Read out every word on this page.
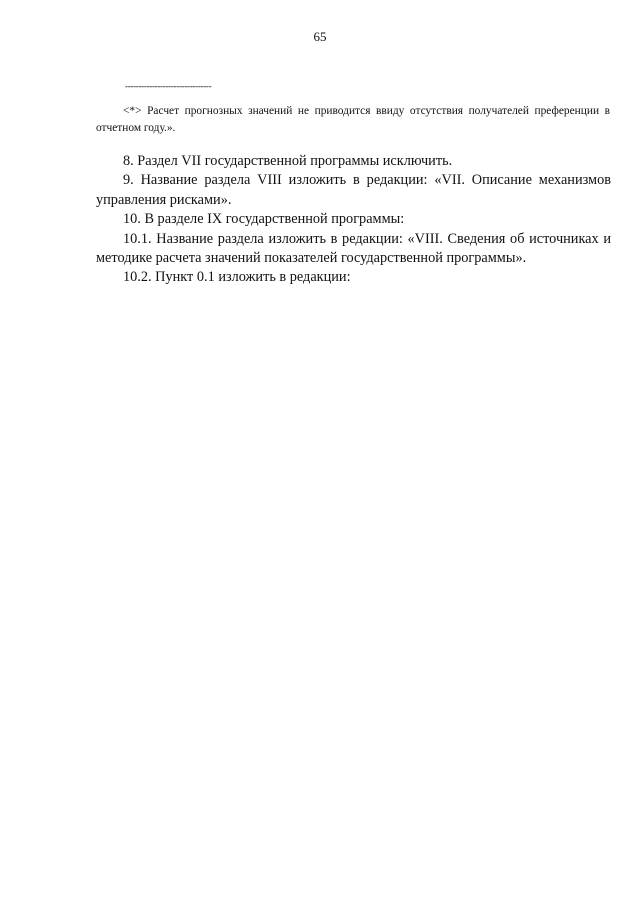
65
--------------------------------

<*> Расчет прогнозных значений не приводится ввиду отсутствия получателей преференции в отчетном году.».

8. Раздел VII государственной программы исключить.

9. Название раздела VIII изложить в редакции: «VII. Описание механизмов управления рисками».

10. В разделе IX государственной программы:

10.1. Название раздела изложить в редакции: «VIII. Сведения об источниках и методике расчета значений показателей государственной программы».

10.2. Пункт 0.1 изложить в редакции:
